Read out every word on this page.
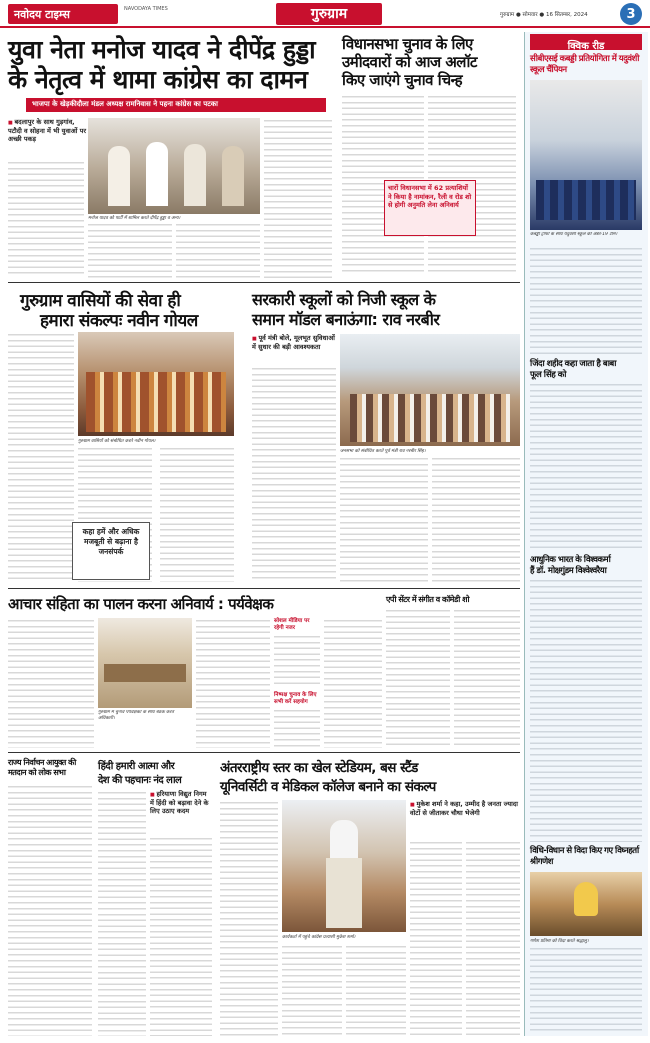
नवोदय टाइम्स	NAVODAYA TIMES	गुरुग्राम	गुरुग्राम ● सोमवार ● 16 सितम्बर, 2024	3
युवा नेता मनोज यादव ने दीपेंद्र हुड्डा
के नेतृत्व में थामा कांग्रेस का दामन
भाजपा के खेड़कीदौला मंडल अध्यक्ष रामनिवास ने पहना कांग्रेस का पटका
■ बदलापुर के साथ गुड़गांव, पटौदी व सोहना में भी युवाओं पर अच्छी पकड़
मनोज यादव को पार्टी में शामिल करते दीपेंद्र हुड्डा व अन्य।
विधानसभा चुनाव के लिए
उमीदवारों को आज अलॉट
किए जाएंगे चुनाव चिन्ह
चारों विधानसभा में 62 प्रत्याशियों ने किया है नामांकन, रैली व रोड शो से होगी अनुमति लेना अनिवार्य
क्विक रीड
सीबीएसई कबड्डी प्रतियोगिता में यदुवंशी स्कूल चैंपियन
कबड्डी ट्रॉफी के साथ यदुवंशी स्कूल की अंडर-19 टीम।
जिंदा शहीद कहा जाता है बाबा
फूल सिंह को
आधुनिक भारत के विश्वकर्मा
हैं डॉ. मोक्षगुंडम विश्वेश्वरैया
विधि-विधान से विदा किए गए विघ्नहर्ता श्रीगणेश
गणेश प्रतिमा को विदा करते श्रद्धालु।
गुरुग्राम वासियों की सेवा ही
हमारा संकल्पः नवीन गोयल
गुरुग्राम वासियों को संबोधित करते नवीन गोयल।
कहा हमें और अधिक मजबूती से बढ़ाना है जनसंपर्क
सरकारी स्कूलों को निजी स्कूल के
समान मॉडल बनाऊंगा: राव नरबीर
■ पूर्व मंत्री बोले, मूलभूत सुविधाओं में सुधार की बड़ी आवश्यकता
जनसभा को संबोधित करते पूर्व मंत्री राव नरबीर सिंह।
आचार संहिता का पालन करना अनिवार्य : पर्यवेक्षक
गुरुग्राम में चुनाव पर्यवेक्षकों के साथ बैठक करते अधिकारी।
सोशल मीडिया पर रहेगी नजर
निष्पक्ष चुनाव के लिए सभी करें सहयोग
एपी सेंटर में संगीत व कॉमेडी शो
राज्य निर्वाचन आयुक्त की मतदान को लोक सभा
हिंदी हमारी आत्मा और
देश की पहचानः नंद लाल
■ हरियाणा विद्युत निगम में हिंदी को बढ़ावा देने के लिए उठाए कदम
अंतरराष्ट्रीय स्तर का खेल स्टेडियम, बस स्टैंड
यूनिवर्सिटी व मेडिकल कॉलेज बनाने का संकल्प
कार्यकर्ता में पहुंचे कांग्रेस प्रत्याशी मुकेश शर्मा।
■ मुकेश शर्मा ने कहा, उम्मीद है जनता ज्यादा वोटों से जीताकर चौथा भेजेगी
